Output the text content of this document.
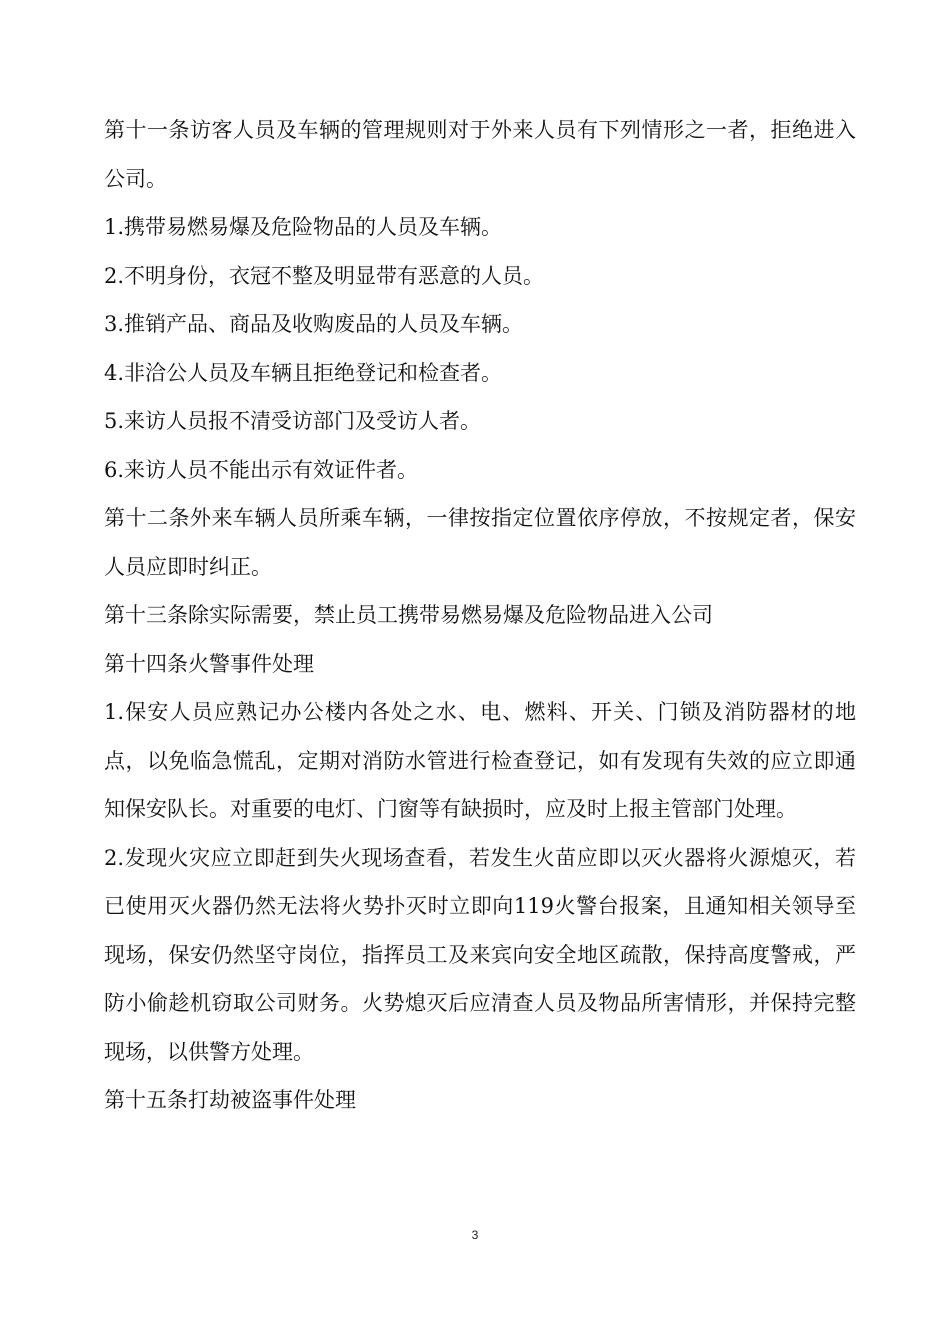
第十一条访客人员及车辆的管理规则对于外来人员有下列情形之一者，拒绝进入公司。

1.携带易燃易爆及危险物品的人员及车辆。

2.不明身份，衣冠不整及明显带有恶意的人员。

3.推销产品、商品及收购废品的人员及车辆。

4.非洽公人员及车辆且拒绝登记和检查者。

5.来访人员报不清受访部门及受访人者。

6.来访人员不能出示有效证件者。

第十二条外来车辆人员所乘车辆，一律按指定位置依序停放，不按规定者，保安人员应即时纠正。

第十三条除实际需要，禁止员工携带易燃易爆及危险物品进入公司

第十四条火警事件处理

1.保安人员应熟记办公楼内各处之水、电、燃料、开关、门锁及消防器材的地点，以免临急慌乱，定期对消防水管进行检查登记，如有发现有失效的应立即通知保安队长。对重要的电灯、门窗等有缺损时，应及时上报主管部门处理。

2.发现火灾应立即赶到失火现场查看，若发生火苗应即以灭火器将火源熄灭，若已使用灭火器仍然无法将火势扑灭时立即向119火警台报案，且通知相关领导至现场，保安仍然坚守岗位，指挥员工及来宾向安全地区疏散，保持高度警戒，严防小偷趁机窃取公司财务。火势熄灭后应清查人员及物品所害情形，并保持完整现场，以供警方处理。

第十五条打劫被盗事件处理

3
